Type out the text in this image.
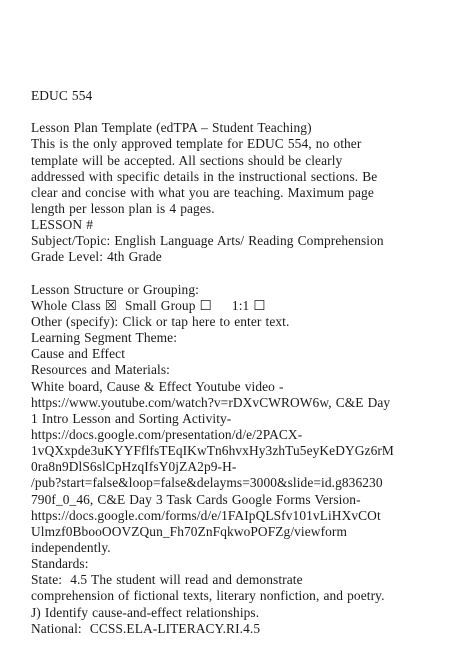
EDUC 554
Lesson Plan Template (edTPA – Student Teaching)
This is the only approved template for EDUC 554, no other
template will be accepted. All sections should be clearly
addressed with specific details in the instructional sections. Be
clear and concise with what you are teaching. Maximum page
length per lesson plan is 4 pages.
LESSON #
Subject/Topic: English Language Arts/ Reading Comprehension
Grade Level: 4th Grade
Lesson Structure or Grouping:
Whole Class ☒  Small Group ☐     1:1 ☐
Other (specify): Click or tap here to enter text.
Learning Segment Theme:
Cause and Effect
Resources and Materials:
White board, Cause & Effect Youtube video -
https://www.youtube.com/watch?v=rDXvCWROW6w, C&E Day
1 Intro Lesson and Sorting Activity-
https://docs.google.com/presentation/d/e/2PACX-
1vQXxpde3uKYYFflfsTEqIKwTn6hvxHy3zhTu5eyKeDYGz6rM
0ra8n9DlS6slCpHzqIfsY0jZA2p9-H-
/pub?start=false&loop=false&delayms=3000&slide=id.g836230
790f_0_46, C&E Day 3 Task Cards Google Forms Version-
https://docs.google.com/forms/d/e/1FAIpQLSfv101vLiHXvCOt
Ulmzf0BbooOOVZQun_Fh70ZnFqkwoPOFZg/viewform
independently.
Standards:
State:  4.5 The student will read and demonstrate
comprehension of fictional texts, literary nonfiction, and poetry.
J) Identify cause-and-effect relationships.
National:  CCSS.ELA-LITERACY.RI.4.5
